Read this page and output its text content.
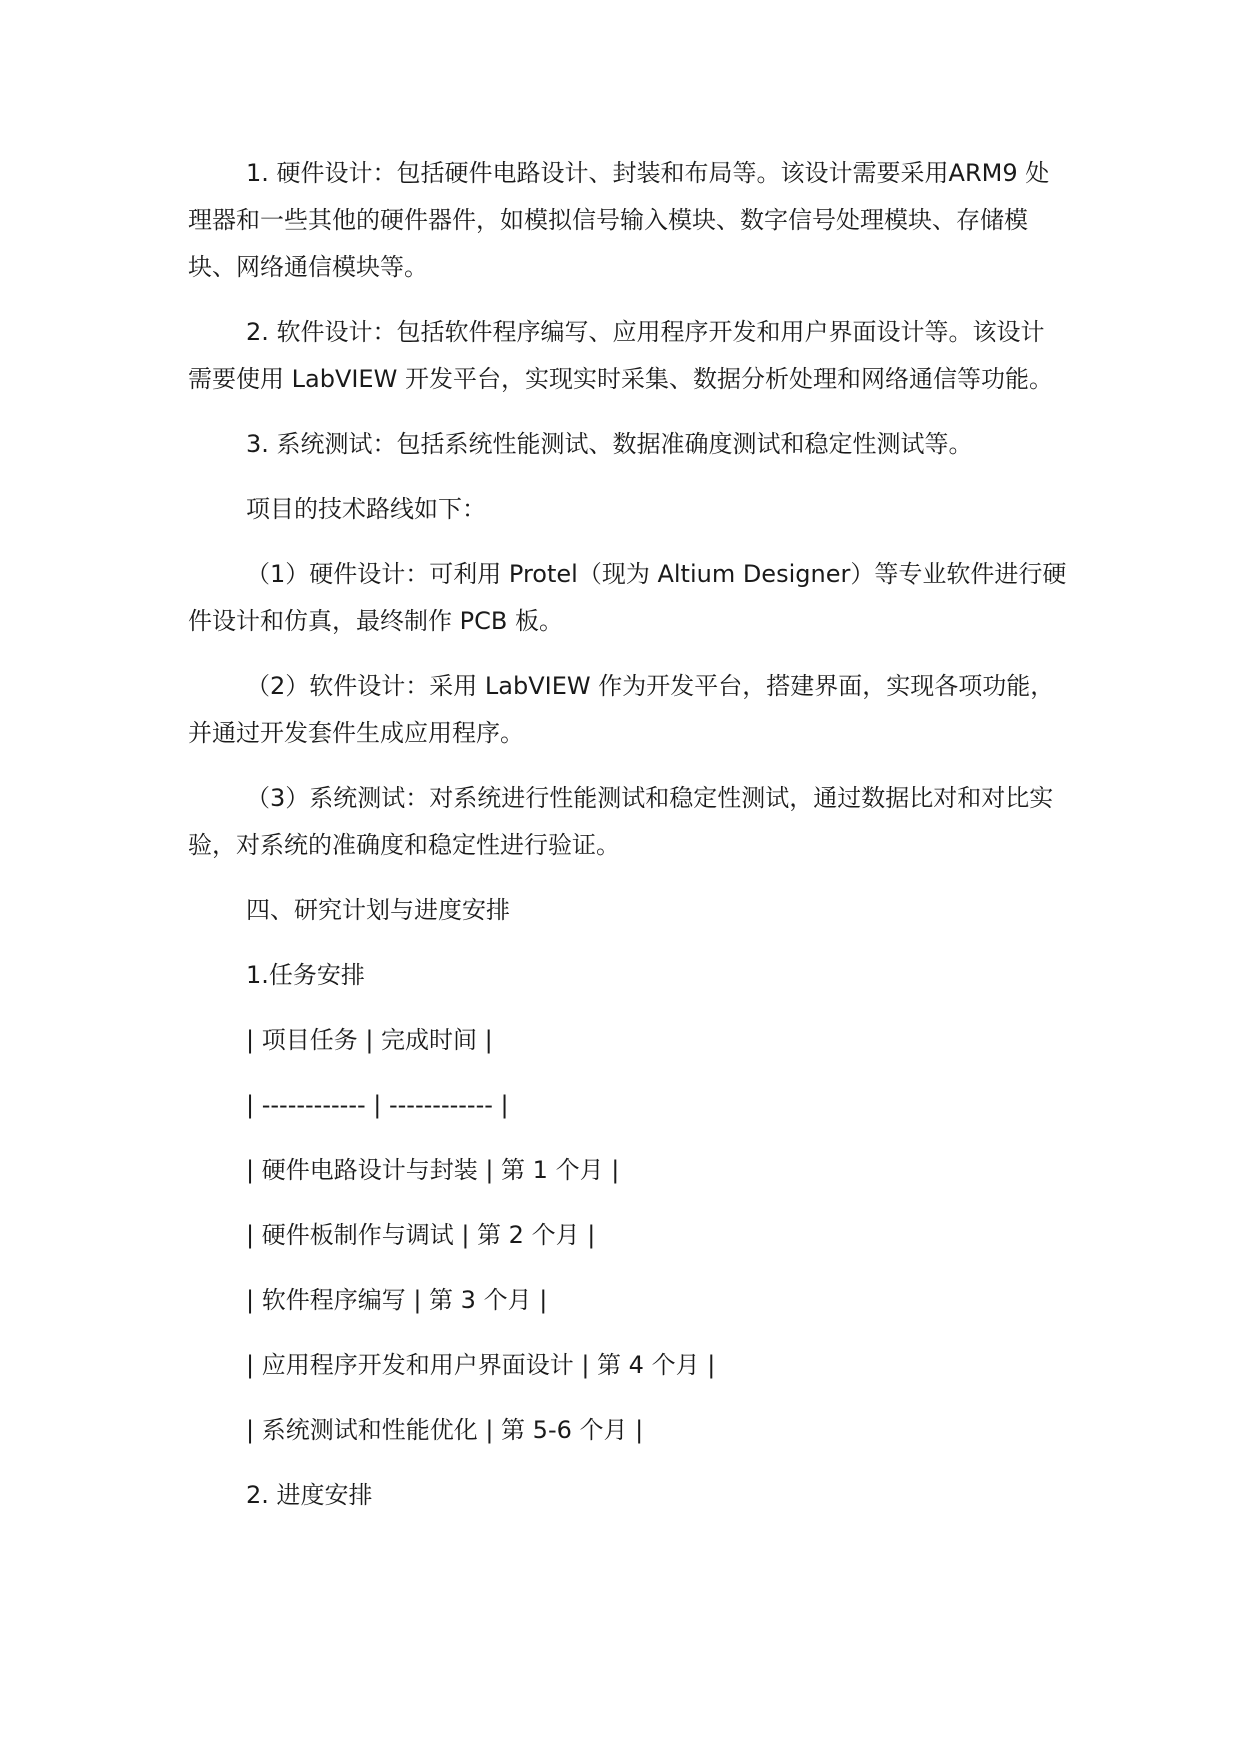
1. 硬件设计：包括硬件电路设计、封装和布局等。该设计需要采用ARM9 处理器和一些其他的硬件器件，如模拟信号输入模块、数字信号处理模块、存储模块、网络通信模块等。

2. 软件设计：包括软件程序编写、应用程序开发和用户界面设计等。该设计需要使用 LabVIEW 开发平台，实现实时采集、数据分析处理和网络通信等功能。

3. 系统测试：包括系统性能测试、数据准确度测试和稳定性测试等。

项目的技术路线如下：

（1）硬件设计：可利用 Protel（现为 Altium Designer）等专业软件进行硬件设计和仿真，最终制作 PCB 板。

（2）软件设计：采用 LabVIEW 作为开发平台，搭建界面，实现各项功能，并通过开发套件生成应用程序。

（3）系统测试：对系统进行性能测试和稳定性测试，通过数据比对和对比实验，对系统的准确度和稳定性进行验证。

四、研究计划与进度安排

1.任务安排

| 项目任务 | 完成时间 |

| ------------ | ------------ |

| 硬件电路设计与封装 | 第 1 个月 |

| 硬件板制作与调试 | 第 2 个月 |

| 软件程序编写 | 第 3 个月 |

| 应用程序开发和用户界面设计 | 第 4 个月 |

| 系统测试和性能优化 | 第 5-6 个月 |

2. 进度安排
